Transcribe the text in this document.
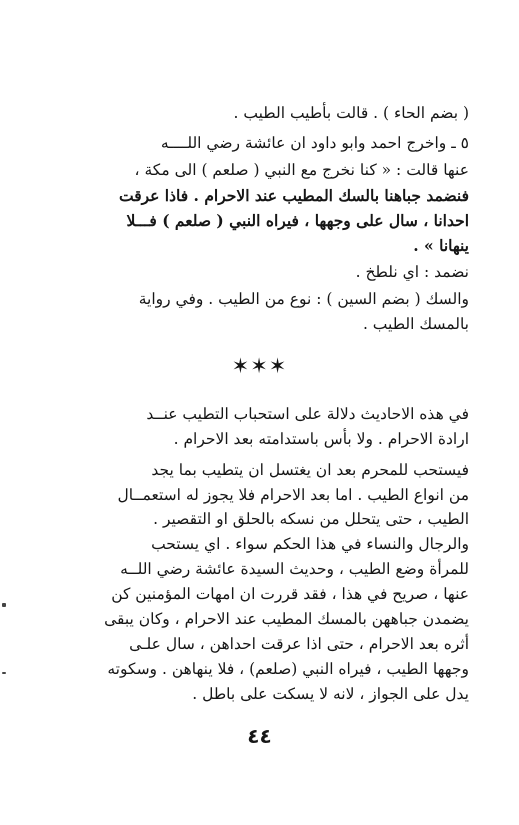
( بضم الحاء ) . قالت بأطيب الطيب .
٥ ـ واخرج احمد وابو داود ان عائشة رضي اللــــه
عنها قالت : « كنا نخرج مع النبي ( صلعم ) الى مكة ،
فنضمد جباهنا بالسك المطيب عند الاحرام . فاذا عرقت
احدانا ، سال على وجهها ، فيراه النبي ( صلعم ) فـــلا
ينهانا » .
نضمد : اي نلطخ .
والسك ( بضم السين ) : نوع من الطيب . وفي رواية
بالمسك الطيب .
✶✶✶
في هذه الاحاديث دلالة على استحباب التطيب عنــد
ارادة الاحرام . ولا بأس باستدامته بعد الاحرام .
فيستحب للمحرم بعد ان يغتسل ان يتطيب بما يجد
من انواع الطيب . اما بعد الاحرام فلا يجوز له استعمــال
الطيب ، حتى يتحلل من نسكه بالحلق او التقصير .
والرجال والنساء في هذا الحكم سواء . اي يستحب
للمرأة وضع الطيب ، وحديث السيدة عائشة رضي اللــه
عنها ، صريح في هذا ، فقد قررت ان امهات المؤمنين كن
يضمدن جباههن بالمسك المطيب عند الاحرام ، وكان يبقى
أثره بعد الاحرام ، حتى اذا عرقت احداهن ، سال علـى
وجهها الطيب ، فيراه النبي (صلعم) ، فلا ينهاهن . وسكوته
يدل على الجواز ، لانه لا يسكت على باطل .
٤٤
